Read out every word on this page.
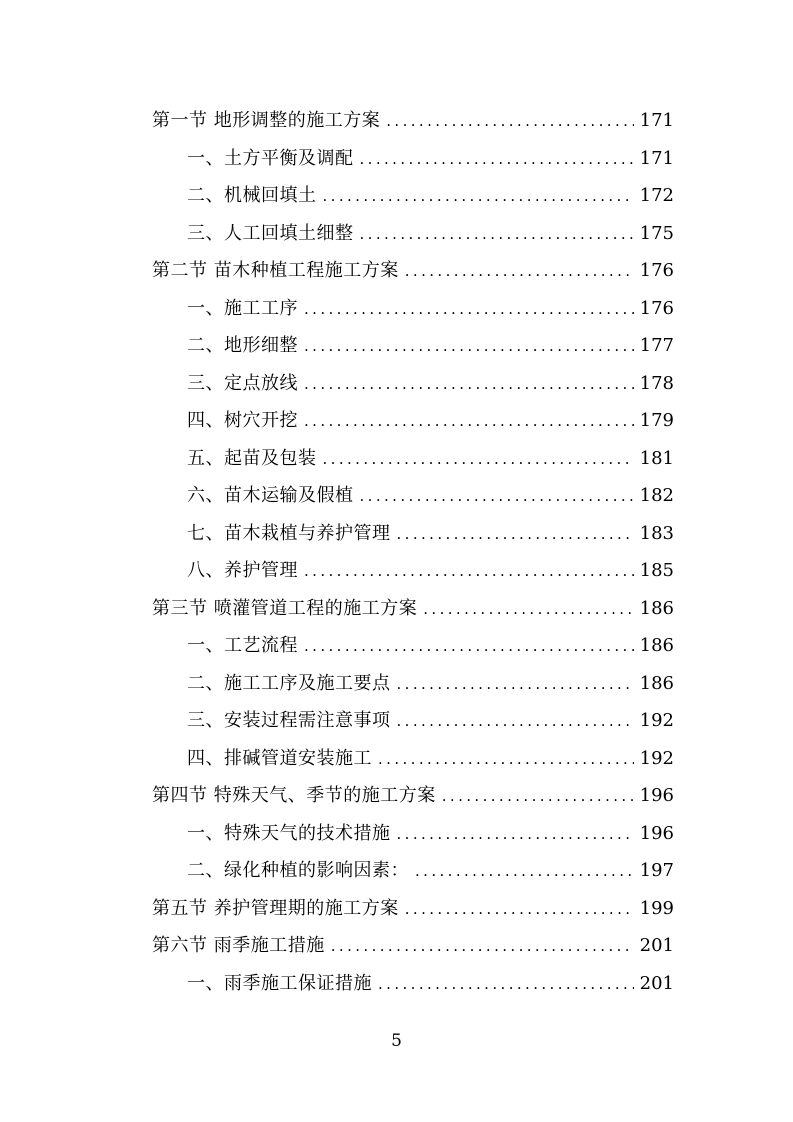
第一节 地形调整的施工方案 .....	171
一、土方平衡及调配 .....	171
二、机械回填土 .....	172
三、人工回填土细整 .....	175
第二节 苗木种植工程施工方案 .....	176
一、施工工序 .....	176
二、地形细整 .....	177
三、定点放线 .....	178
四、树穴开挖 .....	179
五、起苗及包装 .....	181
六、苗木运输及假植 .....	182
七、苗木栽植与养护管理 .....	183
八、养护管理 .....	185
第三节 喷灌管道工程的施工方案 .....	186
一、工艺流程 .....	186
二、施工工序及施工要点 .....	186
三、安装过程需注意事项 .....	192
四、排碱管道安装施工 .....	192
第四节 特殊天气、季节的施工方案 .....	196
一、特殊天气的技术措施 .....	196
二、绿化种植的影响因素： .....	197
第五节 养护管理期的施工方案 .....	199
第六节 雨季施工措施 .....	201
一、雨季施工保证措施 .....	201
5
